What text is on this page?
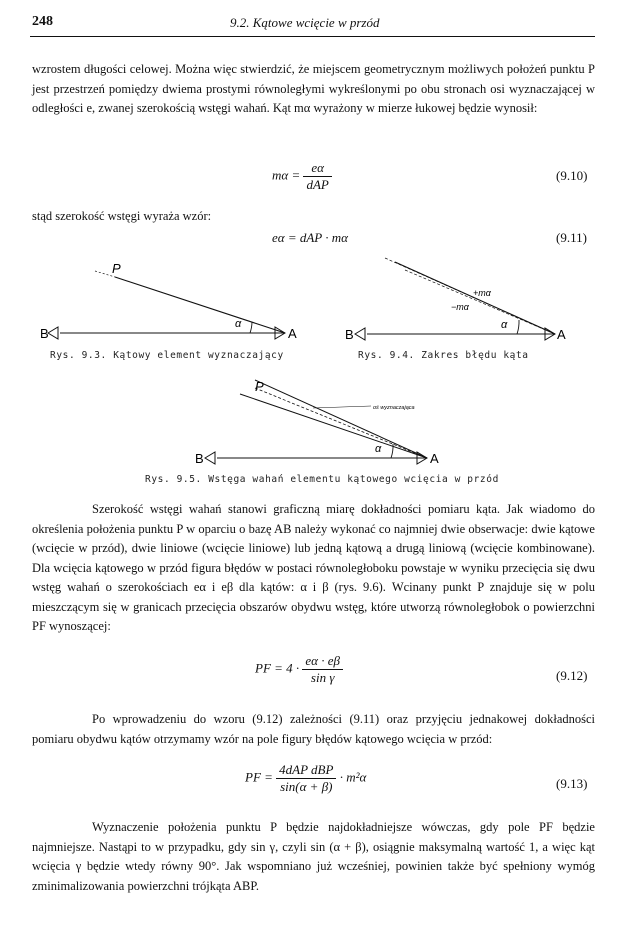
248	9.2. Kątowe wcięcie w przód

wzrostem długości celowej. Można więc stwierdzić, że miejscem geometrycznym możliwych położeń punktu P jest przestrzeń pomiędzy dwiema prostymi równoległymi wykreślonymi po obu stronach osi wyznaczającej w odległości e, zwanej szerokością wstęgi wahań. Kąt mα wyrażony w mierze łukowej będzie wynosił:

$m\alpha = \frac{e\alpha}{\text{dAP}}$	(9.10)
stąd szerokość wstęgi wyraża wzór:
eα = dAP · mα	(9.11)
P
B	A
α
Rys. 9.3. Kątowy element wyznaczający
B	A
α
+mα
−mα
Rys. 9.4. Zakres błędu kąta
P
B	A
α
oś wyznaczająca
Rys. 9.5. Wstęga wahań elementu kątowego wcięcia w przód

Szerokość wstęgi wahań stanowi graficzną miarę dokładności pomiaru kąta. Jak wiadomo do określenia położenia punktu P w oparciu o bazę AB należy wykonać co najmniej dwie obserwacje: dwie kątowe (wcięcie w przód), dwie liniowe (wcięcie liniowe) lub jedną kątową a drugą liniową (wcięcie kombinowane). Dla wcięcia kątowego w przód figura błędów w postaci równoległoboku powstaje w wyniku przecięcia się dwu wstęg wahań o szerokościach eα i eβ dla kątów: α i β (rys. 9.6). Wcinany punkt P znajduje się w polu mieszczącym się w granicach przecięcia obszarów obydwu wstęg, które utworzą równoległobok o powierzchni PF wynoszącej:

PF = $4 \cdot \frac{e\alpha \cdot e\beta}{\text{sin γ}}$	(9.12)

Po wprowadzeniu do wzoru (9.12) zależności (9.11) oraz przyjęciu jednakowej dokładności pomiaru obydwu kątów otrzymamy wzór na pole figury błędów kątowego wcięcia w przód:

PF = $\frac{\text{4dAP dBP}}{\sin(\alpha + \beta)} \cdot m^2\alpha$	(9.13)

Wyznaczenie położenia punktu P będzie najdokładniejsze wówczas, gdy pole PF będzie najmniejsze. Nastąpi to w przypadku, gdy sin γ, czyli sin (α + β), osiągnie maksymalną wartość 1, a więc kąt wcięcia γ będzie wtedy równy 90°. Jak wspomniano już wcześniej, powinien także być spełniony wymóg zminimalizowania powierzchni trójkąta ABP.
